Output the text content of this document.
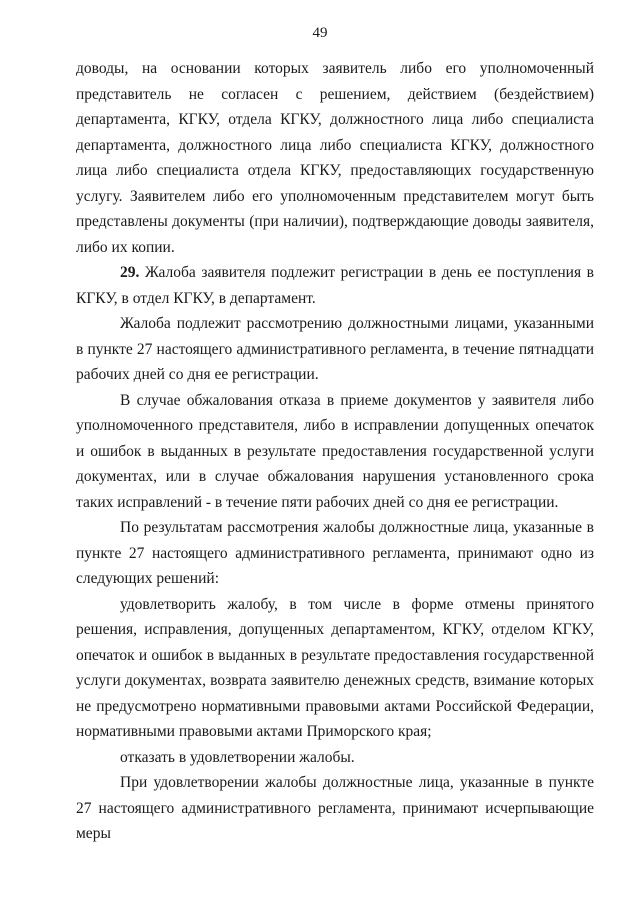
49

доводы, на основании которых заявитель либо его уполномоченный представитель не согласен с решением, действием (бездействием) департамента, КГКУ, отдела КГКУ, должностного лица либо специалиста департамента, должностного лица либо специалиста КГКУ, должностного лица либо специалиста отдела КГКУ, предоставляющих государственную услугу. Заявителем либо его уполномоченным представителем могут быть представлены документы (при наличии), подтверждающие доводы заявителя, либо их копии.

29. Жалоба заявителя подлежит регистрации в день ее поступления в КГКУ, в отдел КГКУ, в департамент.

Жалоба подлежит рассмотрению должностными лицами, указанными в пункте 27 настоящего административного регламента, в течение пятнадцати рабочих дней со дня ее регистрации.

В случае обжалования отказа в приеме документов у заявителя либо уполномоченного представителя, либо в исправлении допущенных опечаток и ошибок в выданных в результате предоставления государственной услуги документах, или в случае обжалования нарушения установленного срока таких исправлений - в течение пяти рабочих дней со дня ее регистрации.

По результатам рассмотрения жалобы должностные лица, указанные в пункте 27 настоящего административного регламента, принимают одно из следующих решений:

удовлетворить жалобу, в том числе в форме отмены принятого решения, исправления, допущенных департаментом, КГКУ, отделом КГКУ, опечаток и ошибок в выданных в результате предоставления государственной услуги документах, возврата заявителю денежных средств, взимание которых не предусмотрено нормативными правовыми актами Российской Федерации, нормативными правовыми актами Приморского края;

отказать в удовлетворении жалобы.

При удовлетворении жалобы должностные лица, указанные в пункте 27 настоящего административного регламента, принимают исчерпывающие меры
